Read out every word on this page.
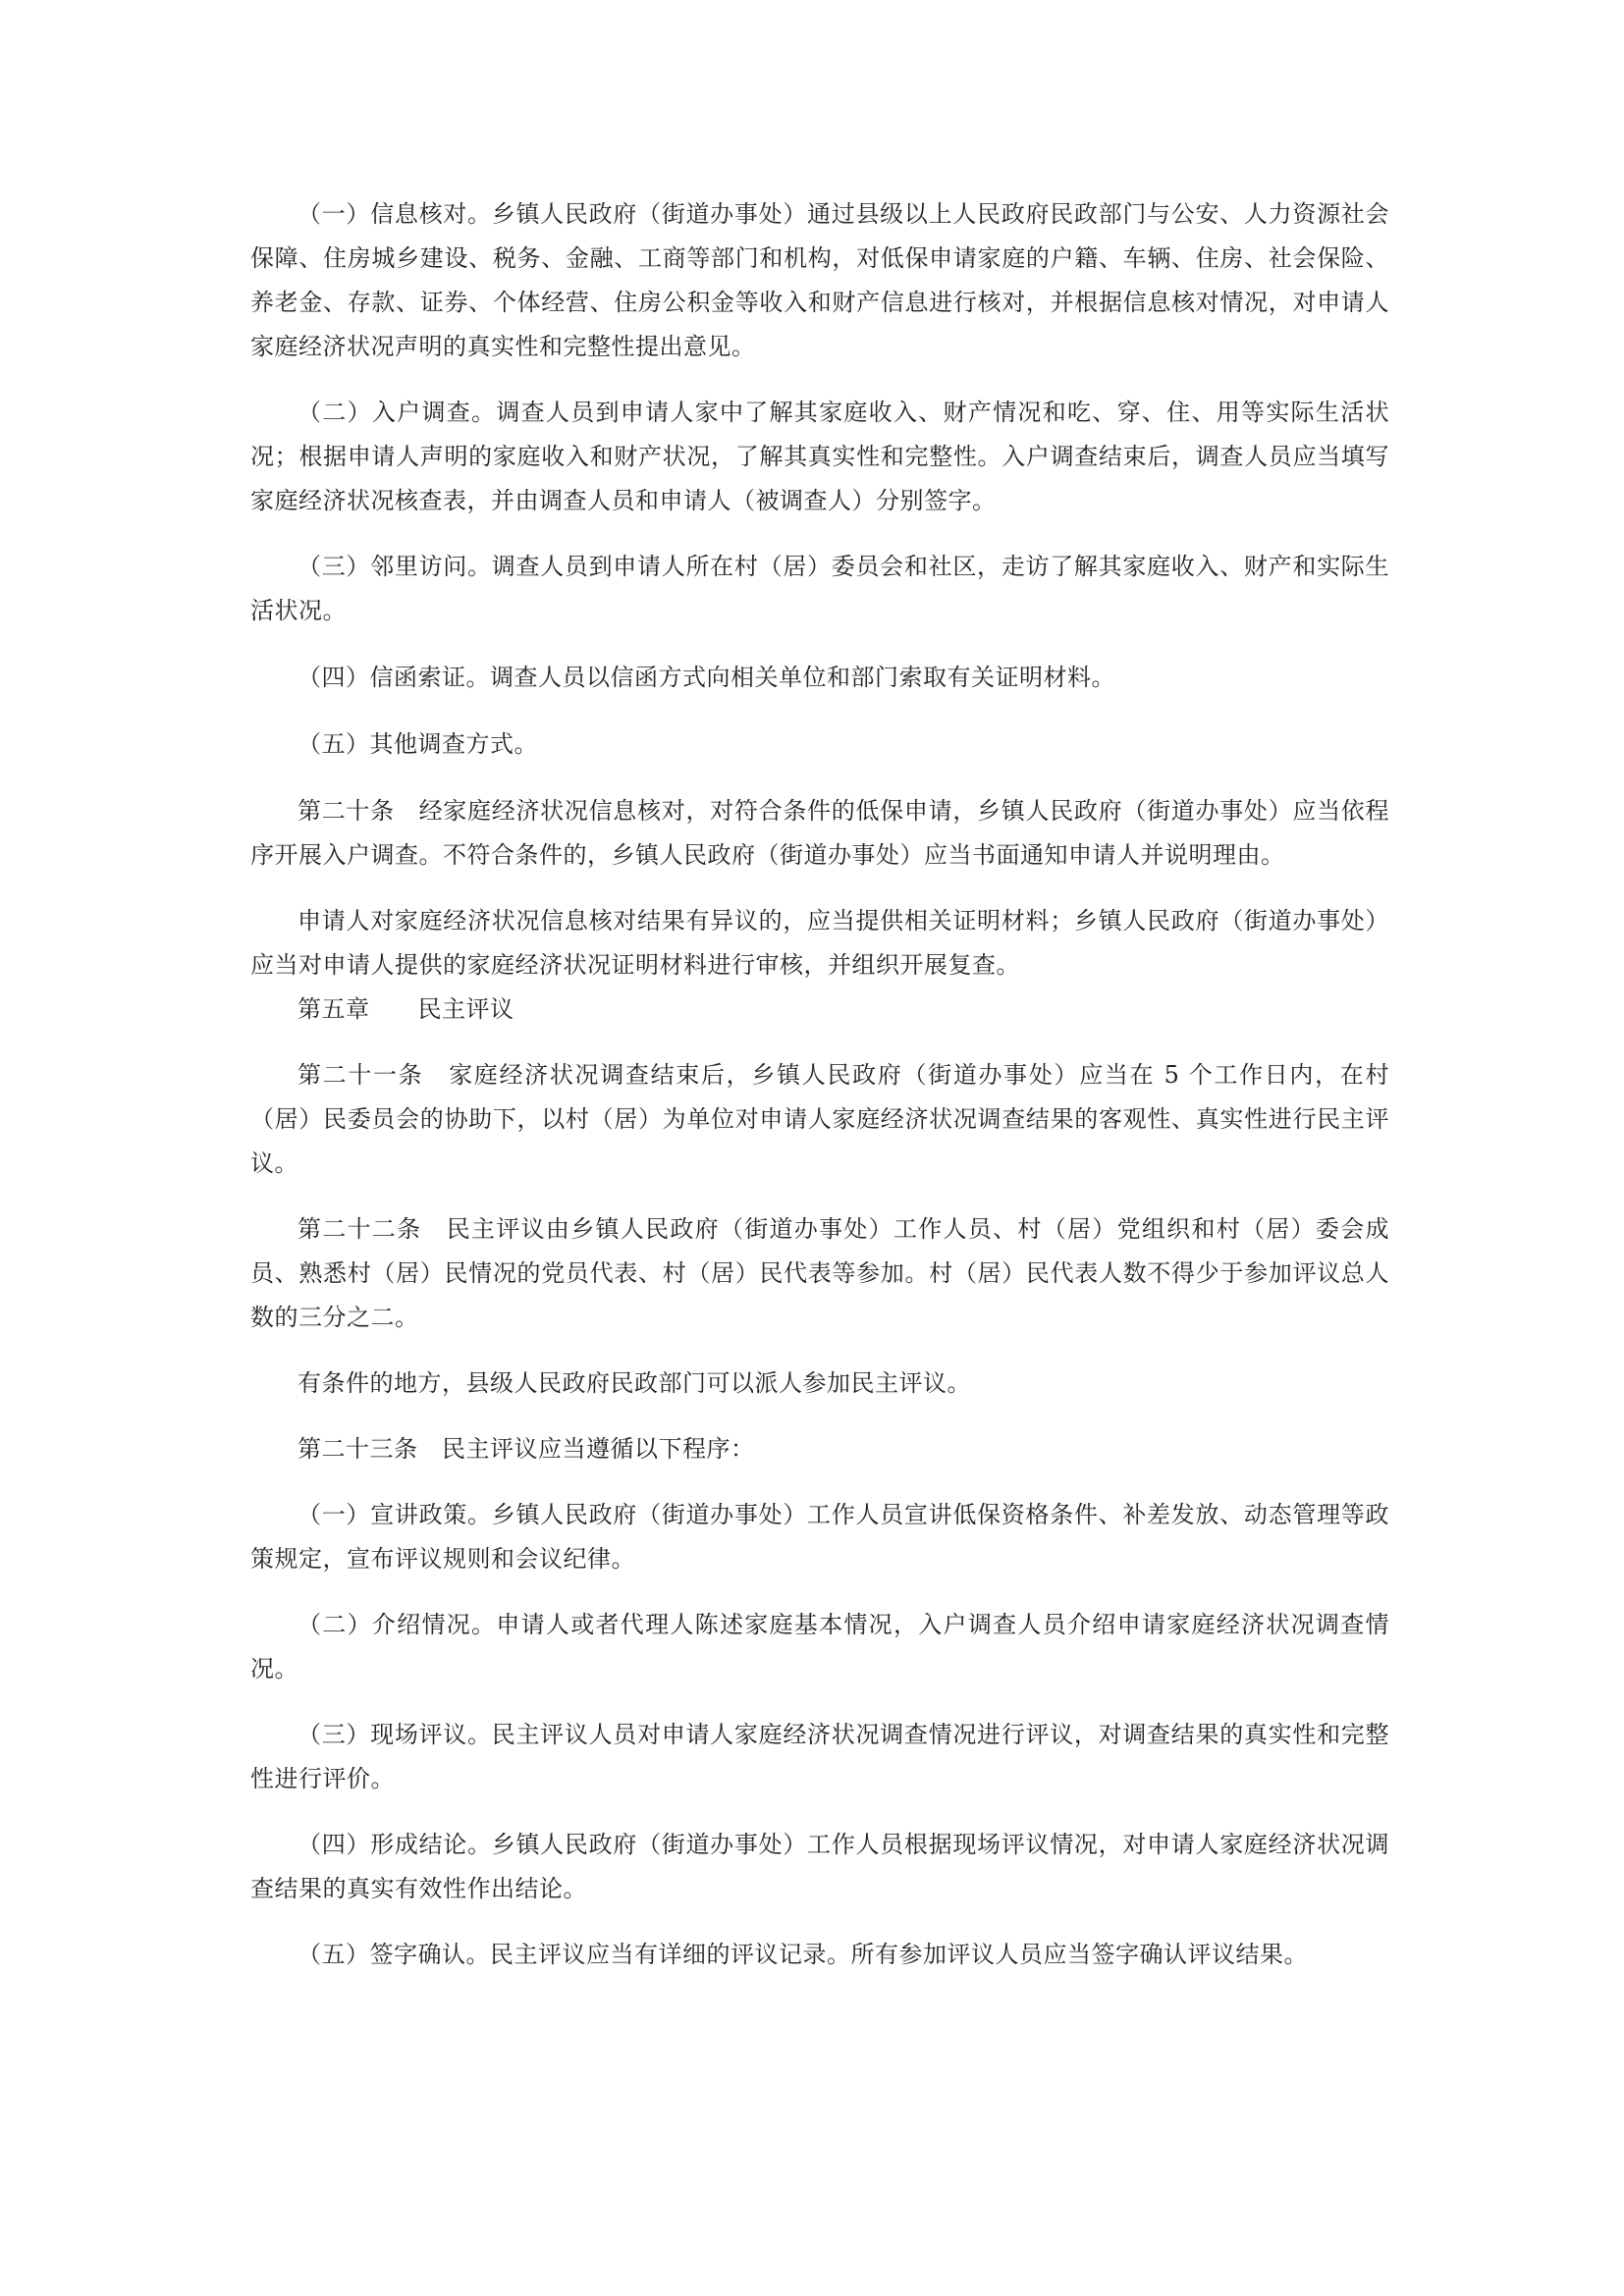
（一）信息核对。乡镇人民政府（街道办事处）通过县级以上人民政府民政部门与公安、人力资源社会保障、住房城乡建设、税务、金融、工商等部门和机构，对低保申请家庭的户籍、车辆、住房、社会保险、养老金、存款、证券、个体经营、住房公积金等收入和财产信息进行核对，并根据信息核对情况，对申请人家庭经济状况声明的真实性和完整性提出意见。

（二）入户调查。调查人员到申请人家中了解其家庭收入、财产情况和吃、穿、住、用等实际生活状况；根据申请人声明的家庭收入和财产状况，了解其真实性和完整性。入户调查结束后，调查人员应当填写家庭经济状况核查表，并由调查人员和申请人（被调查人）分别签字。

（三）邻里访问。调查人员到申请人所在村（居）委员会和社区，走访了解其家庭收入、财产和实际生活状况。

（四）信函索证。调查人员以信函方式向相关单位和部门索取有关证明材料。

（五）其他调查方式。

第二十条　经家庭经济状况信息核对，对符合条件的低保申请，乡镇人民政府（街道办事处）应当依程序开展入户调查。不符合条件的，乡镇人民政府（街道办事处）应当书面通知申请人并说明理由。

申请人对家庭经济状况信息核对结果有异议的，应当提供相关证明材料；乡镇人民政府（街道办事处）应当对申请人提供的家庭经济状况证明材料进行审核，并组织开展复查。

第五章　　民主评议

第二十一条　家庭经济状况调查结束后，乡镇人民政府（街道办事处）应当在 5 个工作日内，在村（居）民委员会的协助下，以村（居）为单位对申请人家庭经济状况调查结果的客观性、真实性进行民主评议。

第二十二条　民主评议由乡镇人民政府（街道办事处）工作人员、村（居）党组织和村（居）委会成员、熟悉村（居）民情况的党员代表、村（居）民代表等参加。村（居）民代表人数不得少于参加评议总人数的三分之二。

有条件的地方，县级人民政府民政部门可以派人参加民主评议。

第二十三条　民主评议应当遵循以下程序：

（一）宣讲政策。乡镇人民政府（街道办事处）工作人员宣讲低保资格条件、补差发放、动态管理等政策规定，宣布评议规则和会议纪律。

（二）介绍情况。申请人或者代理人陈述家庭基本情况，入户调查人员介绍申请家庭经济状况调查情况。

（三）现场评议。民主评议人员对申请人家庭经济状况调查情况进行评议，对调查结果的真实性和完整性进行评价。

（四）形成结论。乡镇人民政府（街道办事处）工作人员根据现场评议情况，对申请人家庭经济状况调查结果的真实有效性作出结论。

（五）签字确认。民主评议应当有详细的评议记录。所有参加评议人员应当签字确认评议结果。
